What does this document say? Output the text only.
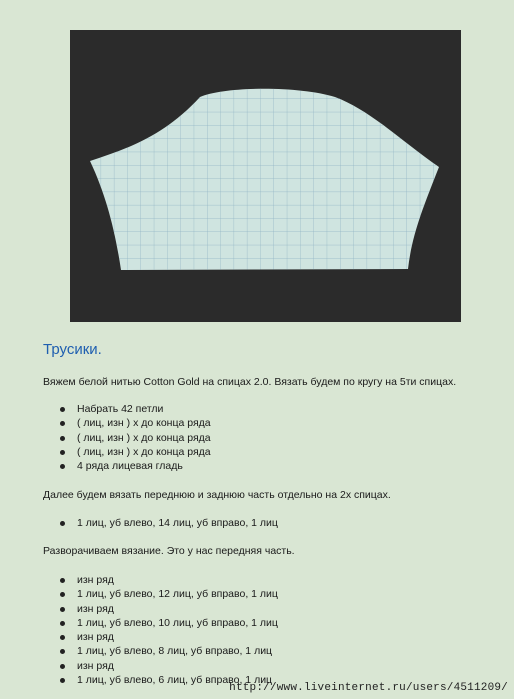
Трусики.
Вяжем белой нитью Cotton Gold на спицах 2.0. Вязать будем по кругу на 5ти спицах.
Набрать 42 петли
( лиц, изн ) х до конца ряда
( лиц, изн ) х до конца ряда
( лиц, изн ) х до конца ряда
4 ряда лицевая гладь
Далее будем вязать переднюю и заднюю часть отдельно на 2х спицах.
1 лиц, уб влево, 14 лиц, уб вправо, 1 лиц
Разворачиваем вязание. Это у нас передняя часть.
изн ряд
1 лиц, уб влево, 12 лиц, уб вправо, 1 лиц
изн ряд
1 лиц, уб влево, 10 лиц, уб вправо, 1 лиц
изн ряд
1 лиц, уб влево, 8 лиц, уб вправо, 1 лиц
изн ряд
1 лиц, уб влево, 6 лиц, уб вправо, 1 лиц
http://www.liveinternet.ru/users/4511209/
